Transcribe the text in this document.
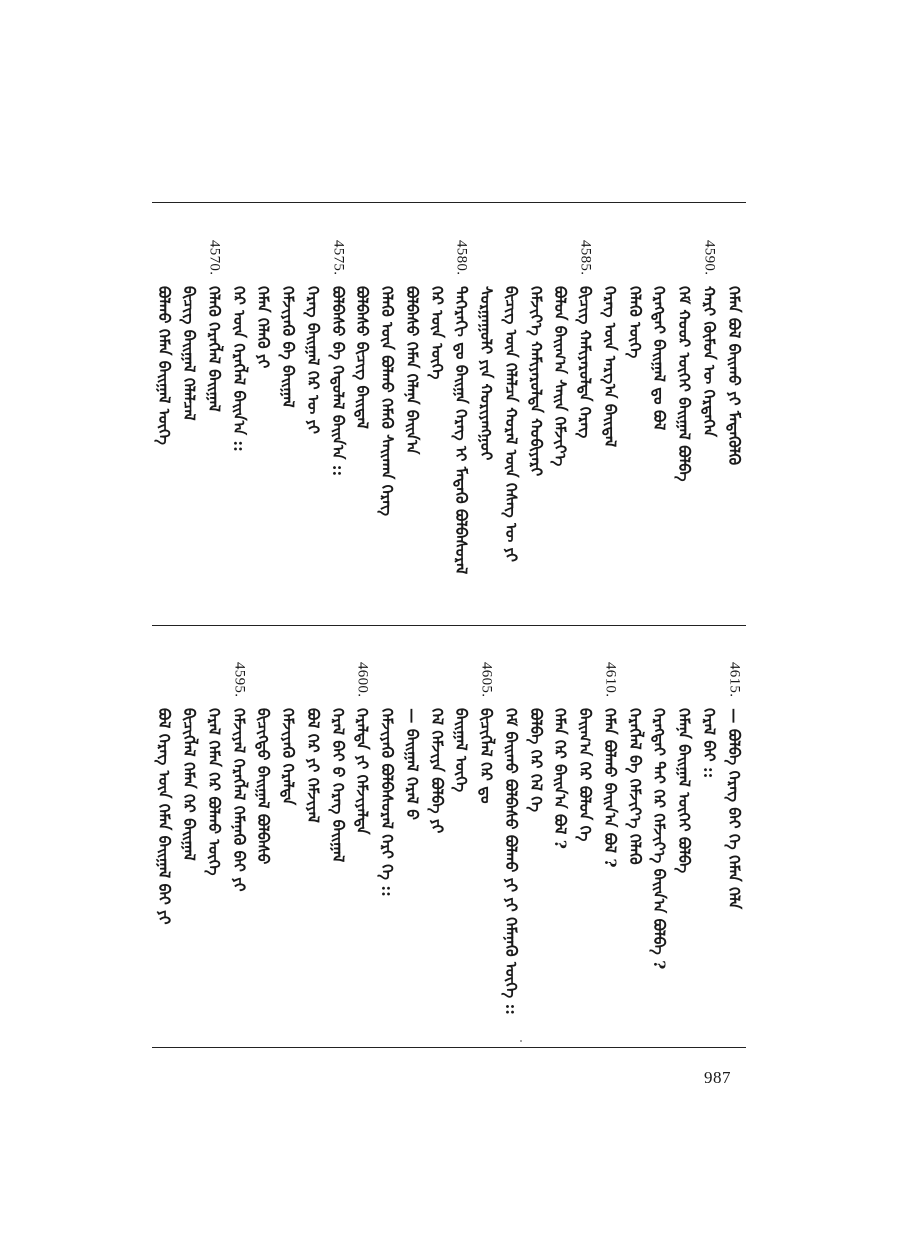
ᠬᠡᠮᠡᠨ ᠪᠣᠯ ᠪᠠᠢᠬᠤ ᠶᠢ ᠮᠡᠳᠡᠬᠦᠯᠬᠦ
4590.
ᠬᠠᠷᠢ ᠬᠦᠮᠦᠨ ᠦ ᠭᠡᠷᠲᠡᠭᠡᠨ
ᠭᠡᠮ ᠬᠣᠣᠷ ᠦᠭᠡᠢ ᠪᠠᠢᠭᠠᠯ ᠪᠣᠯᠪᠠ
ᠬᠡᠷᠡᠭᠲᠡᠢ ᠪᠠᠢᠭᠠᠯ ᠳᠤ ᠪᠣᠯ
ᠬᠡᠯᠡᠬᠦ ᠦᠭᠡ
ᠬᠡᠷᠡᠭ ᠦᠨ ᠠᠷᠭ᠎ᠠ ᠪᠠᠢᠳᠠᠯ
4585.
ᠪᠢᠴᠢᠭ ᠬᠠᠮᠢᠶᠠᠷᠤᠯᠲᠠ ᠬᠡᠷᠡᠭ
ᠪᠣᠯᠤᠨ ᠪᠠᠢᠭ᠎ᠠ ᠰᠠᠢᠨ ᠬᠡᠮᠵᠢᠶ᠎ᠡ
ᠬᠡᠮᠵᠢᠶ᠎ᠡ ᠬᠠᠮᠢᠶᠠᠷᠤᠯᠲᠠ ᠬᠤᠪᠢᠶᠠᠷᠢ
ᠪᠢᠴᠢᠭ ᠦᠨ ᠬᠡᠯᠡᠯᠴᠡ ᠬᠤᠷᠠᠯ ᠦᠨ ᠬᠡᠰᠡᠭ ᠦ ᠶᠢ
ᠰᠤᠷᠭᠠᠭᠤᠯᠢ ᠶᠢᠨ ᠬᠤᠷᠢᠶᠠᠩᠭᠤᠢ
4580.
ᠳᠡᠭᠡᠷᠡᠬᠢ ᠳᠤ ᠪᠠᠢᠭᠠ ᠬᠡᠷᠡᠭ ᠢ ᠮᠡᠳᠡᠬᠦ ᠪᠣᠯᠪᠠᠰᠤᠷᠠᠯ
ᠭᠡᠷ ᠦᠨ ᠦᠭᠡ
ᠪᠣᠯᠪᠠᠰᠤ ᠬᠡᠮᠡᠨ ᠬᠡᠯᠡᠨᠡ ᠪᠠᠢᠨ᠎ᠠ
ᠬᠡᠯᠡᠬᠦ ᠦᠨ ᠪᠣᠯᠬᠤ ᠬᠡᠮᠡᠬᠦ ᠰᠠᠢᠬᠠᠨ ᠬᠡᠷᠡᠭ
ᠪᠣᠯᠪᠠᠰᠤ ᠪᠢᠴᠢᠭ ᠪᠠᠢᠳᠠᠯ
4575.
ᠪᠣᠯᠪᠠᠰᠤ ᠪᠠ ᠬᠡᠳᠦᠯᠡᠯ ᠪᠠᠢᠨ᠎ᠠ ::
ᠬᠡᠷᠡᠭ ᠪᠠᠢᠭᠠᠯ ᠭᠡᠷ ᠦ ᠶᠢ
ᠬᠡᠮᠵᠢᠶᠡᠬᠦ ᠪᠠ ᠪᠠᠢᠭᠠᠯ
ᠬᠡᠮᠡᠨ ᠬᠡᠯᠡᠬᠦ ᠶᠢ
ᠭᠡᠷ ᠦᠨ ᠬᠡᠷᠡᠭᠯᠡᠯ ᠪᠠᠢᠨ᠎ᠠ ::
4570.
ᠬᠡᠯᠡᠬᠦ ᠬᠡᠷᠡᠭᠯᠡᠯ ᠪᠠᠢᠭᠠᠯ
ᠪᠢᠴᠢᠭ ᠪᠠᠢᠭᠠᠯ ᠬᠡᠯᠡᠯᠴᠡᠯ
ᠪᠣᠯᠬᠤ ᠬᠡᠮᠡᠨ ᠪᠠᠢᠭᠠᠯ ᠦᠭᠡ
4615.
— ᠪᠣᠯᠪᠠ ᠬᠡᠷᠡᠭ ᠪᠠᠢ ᠬᠡ ᠬᠡᠮᠡᠨ ᠬᠡᠯᠡ
ᠭᠡᠷᠡᠯ ᠪᠠᠢ ::
ᠬᠡᠮᠡᠨᠡ ᠪᠠᠢᠭᠠᠯ ᠦᠭᠡᠢ ᠪᠣᠯᠪᠠ
ᠬᠡᠷᠡᠭᠲᠡᠢ ᠲᠠᠢ ᠭᠡᠷ ᠬᠡᠮᠵᠢᠶ᠎ᠡ ᠪᠠᠢᠨ᠎ᠠ ᠪᠣᠯᠪᠠ ?
ᠬᠡᠷᠡᠭᠯᠡᠯ ᠪᠠ ᠬᠡᠮᠵᠢᠶ᠎ᠡ ᠬᠡᠯᠡᠬᠦ
4610.
ᠬᠡᠮᠡᠨ ᠪᠣᠯᠬᠤ ᠪᠠᠢᠨ᠎ᠠ ᠪᠣᠯ ?
ᠪᠠᠢᠭ᠎ᠠ ᠬᠡᠷ ᠪᠣᠯᠤᠨ ᠬᠡ
ᠬᠡᠮᠡᠨ ᠬᠡᠷ ᠪᠠᠢᠨ᠎ᠠ ᠪᠣᠯ ?
ᠪᠣᠯᠪᠠ ᠭᠡᠷ ᠬᠡᠯ ᠬᠡ
ᠬᠡᠮ ᠪᠠᠢᠬᠤ ᠪᠣᠯᠪᠠᠰᠤ ᠪᠣᠯᠬᠤ ᠶᠢ ᠶᠢ ᠬᠡᠮᠡᠨᠡᠬᠦ ᠦᠭᠡ ::
4605.
ᠪᠢᠴᠢᠭᠯᠡᠯ ᠬᠡᠷ ᠳᠤ
ᠪᠠᠢᠭᠠᠯ ᠦᠭᠡ
ᠬᠡᠯ ᠬᠡᠮᠵᠢᠶᠡ ᠪᠣᠯᠪᠠ ᠶᠢ
— ᠪᠠᠢᠭᠠᠯ ᠭᠡᠷᠡᠯ ᠪ
ᠬᠡᠮᠵᠢᠶᠡᠬᠦ ᠪᠣᠯᠪᠠᠰᠤᠷᠠᠯ ᠭᠡᠷᠢ ᠬᠡ ::
4600.
ᠭᠡᠷᠡᠯᠲᠡ ᠶᠢ ᠬᠡᠮᠵᠢᠶᠡᠯᠲᠡ
ᠭᠡᠷᠡᠯ ᠪᠠᠢ ᠪ ᠭᠡᠷᠡᠭ ᠪᠠᠢᠭᠠᠯ
ᠪᠣᠯ ᠬᠡᠷ ᠶᠢ ᠬᠡᠮᠵᠢᠶᠡᠯ
ᠬᠡᠮᠵᠢᠶᠡᠬᠦ ᠭᠡᠷᠡᠯᠲᠡ
ᠪᠢᠴᠢᠭᠲᠦ ᠪᠠᠢᠭᠠᠯ ᠪᠣᠯᠪᠠᠰᠤ
4595.
ᠬᠡᠮᠵᠢᠶᠡᠯ ᠭᠡᠷᠡᠭᠯᠡᠯ ᠬᠡᠮᠡᠨᠡᠬᠦ ᠪᠠᠢ ᠶᠢ
ᠭᠡᠷᠡᠯ ᠬᠡᠮᠡᠨ ᠭᠡᠷ ᠪᠣᠯᠬᠤ ᠦᠭᠡ
ᠪᠢᠴᠢᠭᠯᠡᠯ ᠬᠡᠮᠡᠨ ᠭᠡᠷ ᠪᠠᠢᠭᠠᠯ
ᠪᠣᠯ ᠬᠡᠷᠡᠭ ᠦᠨ ᠬᠡᠮᠡᠨ ᠪᠠᠢᠭᠠᠯ ᠪᠠᠢ ᠶᠢ
987
